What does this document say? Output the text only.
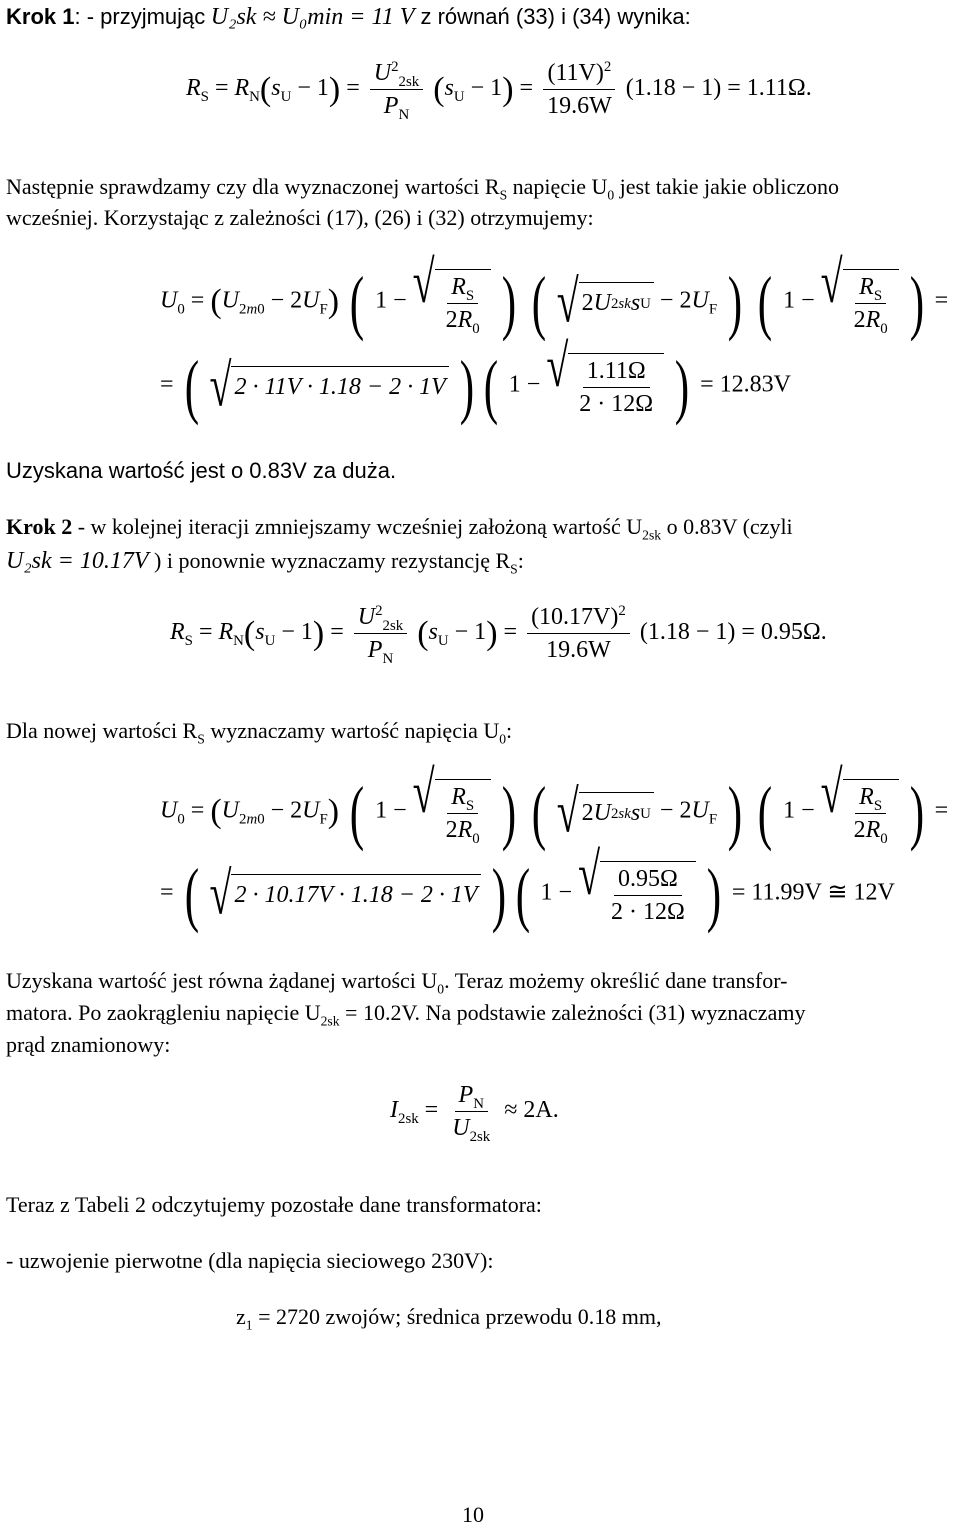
Krok 1: - przyjmując U₂sk ≈ U₀min = 11 V z równań (33) i (34) wynika:
$R_S = R_N(s_U - 1) = \frac{U^2_{2sk}}{P_N} (s_U - 1) = \frac{(11V)^2}{19.6W} (1.18 - 1) = 1.11\Omega$.
Następnie sprawdzamy czy dla wyznaczonej wartości $R_S$ napięcie $U_0$ jest takie jakie obliczono
wcześniej. Korzystając z zależności (17), (26) i (32) otrzymujemy:
$U_0 = (U_{2m0} - 2U_F)$ ( 1 − √ $\frac{R_S}{2R_0}$ ) ( √ 2 U 2sk s $U - 2U_F$ ) ( 1 − √ $\frac{R_S}{2R_0}$ ) =
= ( √ 2 · 11V · 1.18 − 2 · 1V ) ( 1 − √ $\frac{1.11\Omega}{2 \cdot 12\Omega}$ ) = 12.83V
Uzyskana wartość jest o 0.83V za duża.
Krok 2 - w kolejnej iteracji zmniejszamy wcześniej założoną wartość $U_{2sk}$ o 0.83V (czyli
U₂sk = 10.17V ) i ponownie wyznaczamy rezystancję $R_S$:
$R_S = R_N(s_U - 1) = \frac{U^2_{2sk}}{P_N} (s_U - 1) = \frac{(10.17V)^2}{19.6W} (1.18 - 1) = 0.95\Omega$.
Dla nowej wartości $R_S$ wyznaczamy wartość napięcia $U_0$:
$U_0 = (U_{2m0} - 2U_F)$ ( 1 − √ $\frac{R_S}{2R_0}$ ) ( √ 2 U 2sk s $U - 2U_F$ ) ( 1 − √ $\frac{R_S}{2R_0}$ ) =
= ( √ 2 · 10.17V · 1.18 − 2 · 1V ) ( 1 − √ $\frac{0.95\Omega}{2 \cdot 12\Omega}$ ) = 11.99V ≅ 12V
Uzyskana wartość jest równa żądanej wartości $U_0$. Teraz możemy określić dane transfor-
matora. Po zaokrągleniu napięcie $U_{2sk} = 10.2V$. Na podstawie zależności (31) wyznaczamy
prąd znamionowy:
$I_{2sk} = \frac{P_N}{U_{2sk}} \approx 2A$.
Teraz z Tabeli 2 odczytujemy pozostałe dane transformatora:
- uzwojenie pierwotne (dla napięcia sieciowego 230V):
$z_1 = 2720$ zwojów; średnica przewodu 0.18 mm,
10
